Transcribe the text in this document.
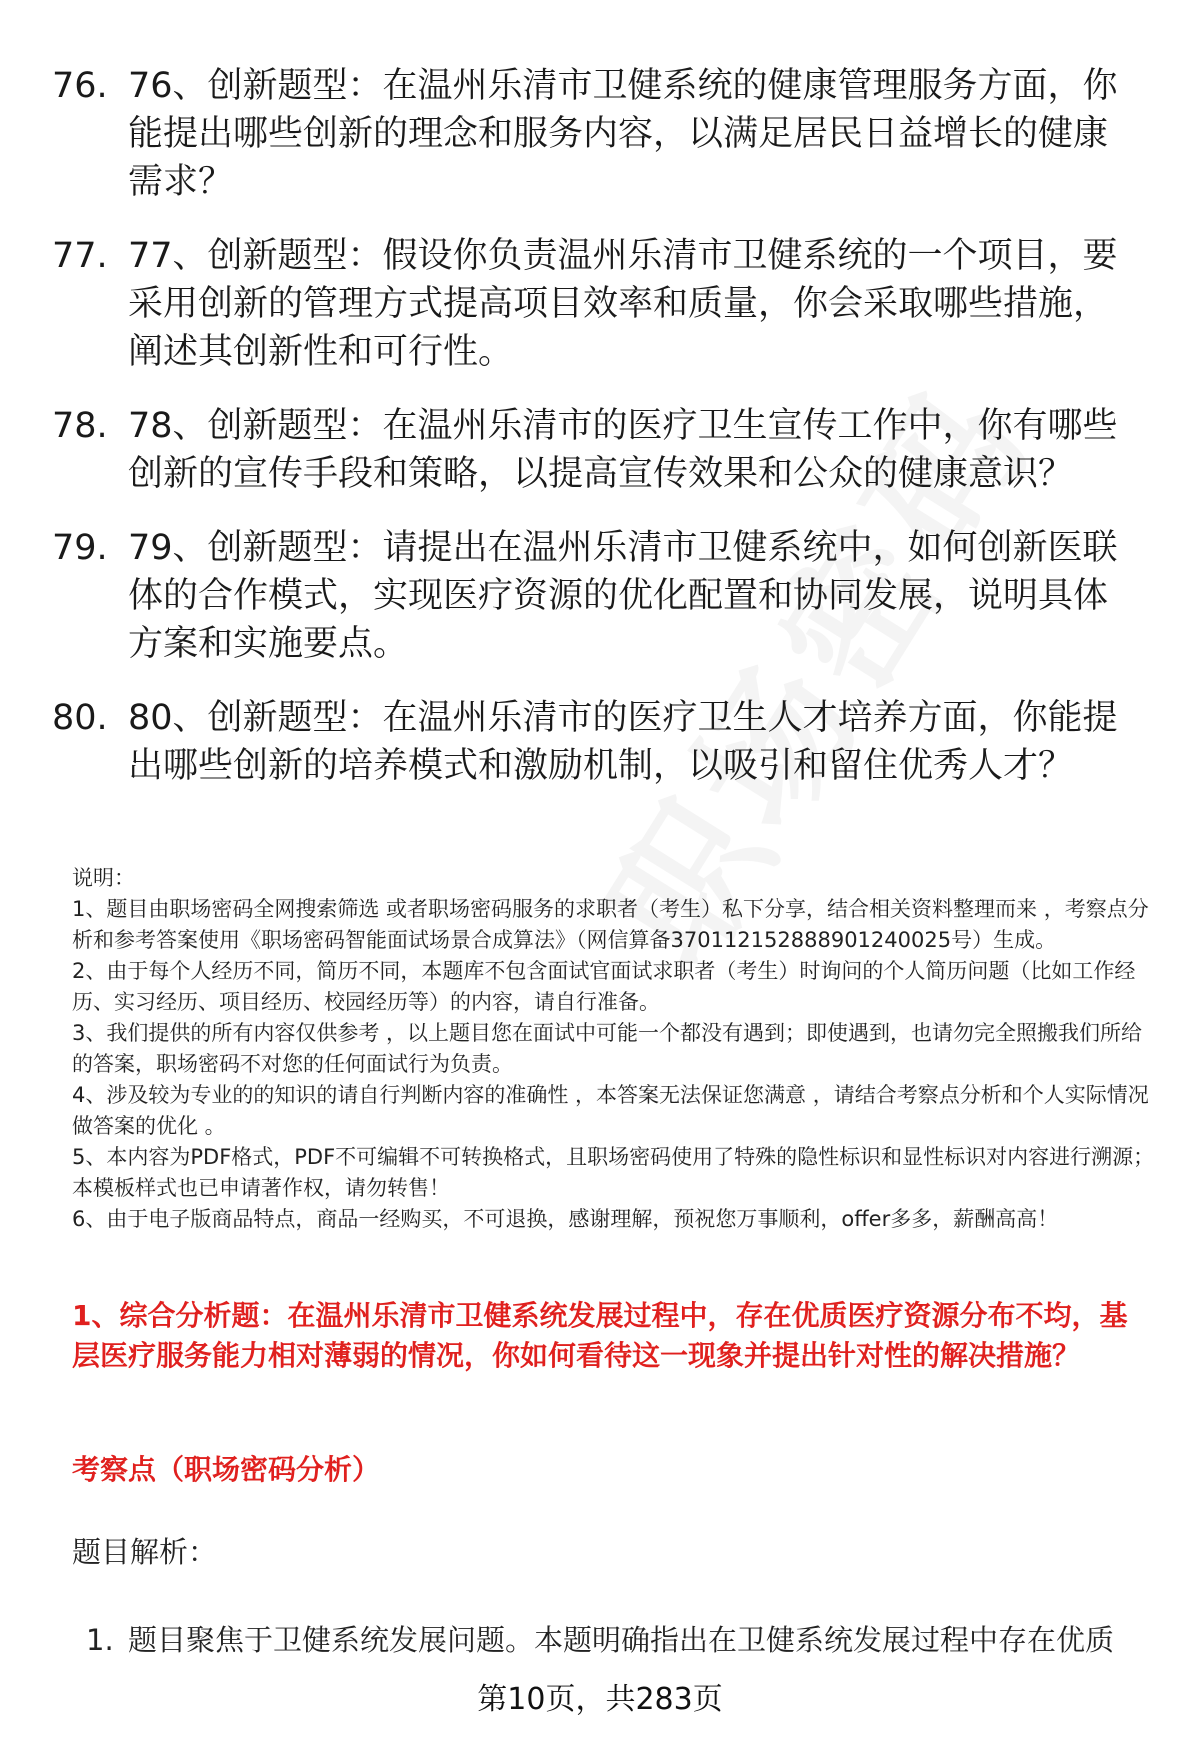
76. 76、创新题型：在温州乐清市卫健系统的健康管理服务方面，你能提出哪些创新的理念和服务内容，以满足居民日益增长的健康需求？
77. 77、创新题型：假设你负责温州乐清市卫健系统的一个项目，要采用创新的管理方式提高项目效率和质量，你会采取哪些措施，阐述其创新性和可行性。
78. 78、创新题型：在温州乐清市的医疗卫生宣传工作中，你有哪些创新的宣传手段和策略，以提高宣传效果和公众的健康意识？
79. 79、创新题型：请提出在温州乐清市卫健系统中，如何创新医联体的合作模式，实现医疗资源的优化配置和协同发展，说明具体方案和实施要点。
80. 80、创新题型：在温州乐清市的医疗卫生人才培养方面，你能提出哪些创新的培养模式和激励机制，以吸引和留住优秀人才？

说明：

1、题目由职场密码全网搜索筛选 或者职场密码服务的求职者（考生）私下分享，结合相关资料整理而来 ，考察点分析和参考答案使用《职场密码智能面试场景合成算法》（网信算备370112152888901240025号）生成。

2、由于每个人经历不同，简历不同，本题库不包含面试官面试求职者（考生）时询问的个人简历问题（比如工作经历、实习经历、项目经历、校园经历等）的内容，请自行准备。

3、我们提供的所有内容仅供参考 ，以上题目您在面试中可能一个都没有遇到；即使遇到，也请勿完全照搬我们所给的答案，职场密码不对您的任何面试行为负责。

4、涉及较为专业的的知识的请自行判断内容的准确性 ，本答案无法保证您满意 ，请结合考察点分析和个人实际情况做答案的优化 。

5、本内容为PDF格式，PDF不可编辑不可转换格式，且职场密码使用了特殊的隐性标识和显性标识对内容进行溯源；本模板样式也已申请著作权，请勿转售！

6、由于电子版商品特点，商品一经购买，不可退换，感谢理解，预祝您万事顺利，offer多多，薪酬高高！

1、综合分析题：在温州乐清市卫健系统发展过程中，存在优质医疗资源分布不均，基层医疗服务能力相对薄弱的情况，你如何看待这一现象并提出针对性的解决措施？
考察点（职场密码分析）
题目解析：
1. 题目聚焦于卫健系统发展问题。本题明确指出在卫健系统发展过程中存在优质
第10页，共283页
